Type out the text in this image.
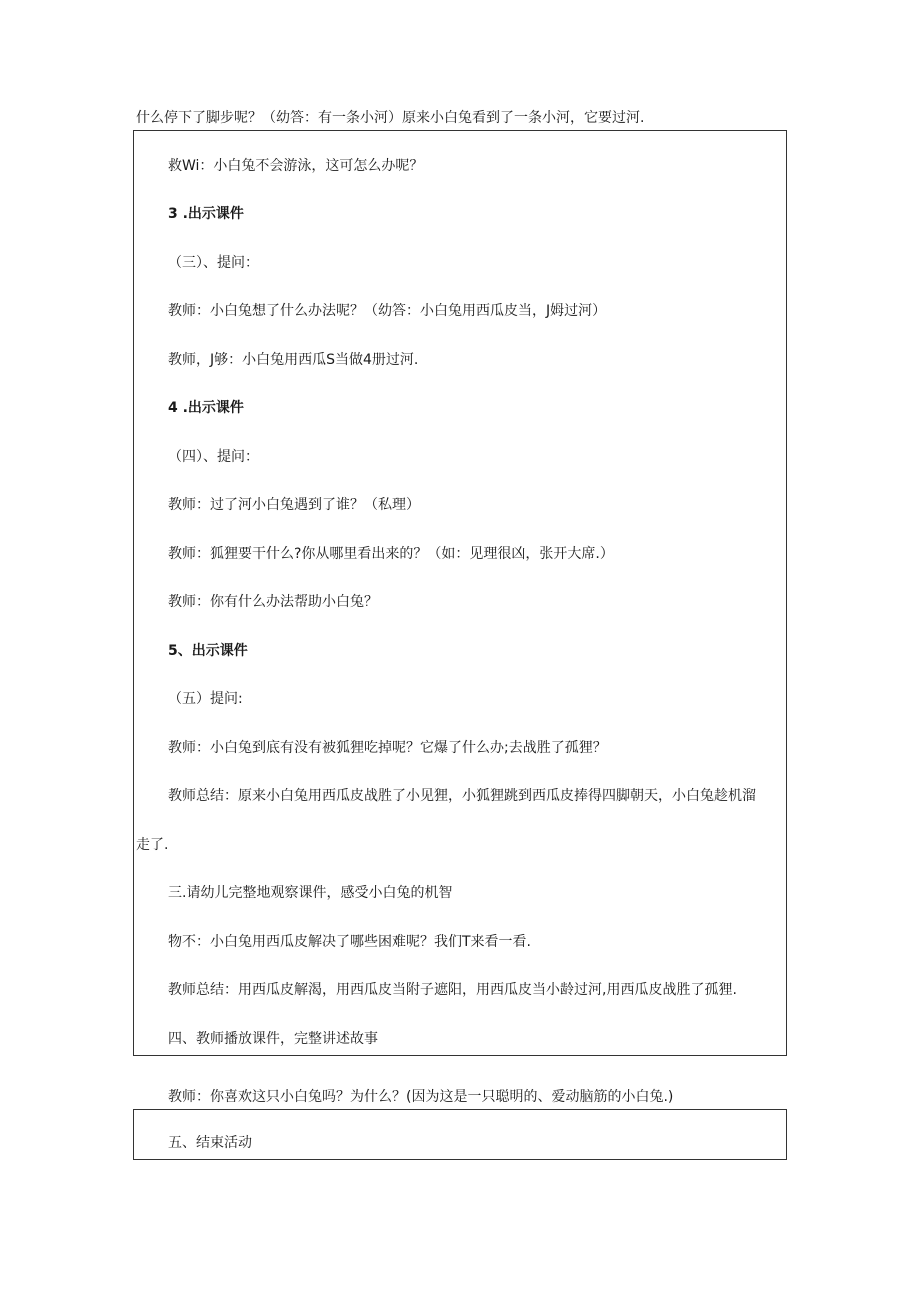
什么停下了脚步呢？（幼答：有一条小河）原来小白兔看到了一条小河，它要过河.
救Wi：小白兔不会游泳，这可怎么办呢？
3 .出示课件
（三）、提问：
教师：小白兔想了什么办法呢？（幼答：小白兔用西瓜皮当，J姆过河）
教师，J够：小白兔用西瓜S当做4册过河.
4 .出示课件
（四）、提问：
教师：过了河小白兔遇到了谁？（私理）
教师：狐狸要干什么?你从哪里看出来的？（如：见理很凶，张开大席.）
教师：你有什么办法帮助小白兔？
5、出示课件
（五）提问:
教师：小白兔到底有没有被狐狸吃掉呢？它爆了什么办;去战胜了孤狸？
教师总结：原来小白兔用西瓜皮战胜了小见狸，小狐狸跳到西瓜皮捧得四脚朝天，小白兔趁机溜
走了.
三.请幼儿完整地观察课件，感受小白兔的机智
物不：小白兔用西瓜皮解决了哪些困难呢？我们T来看一看.
教师总结：用西瓜皮解渴，用西瓜皮当附子遮阳，用西瓜皮当小龄过河,用西瓜皮战胜了孤狸.
四、教师播放课件，完整讲述故事
教师：你喜欢这只小白兔吗？为什么？(因为这是一只聪明的、爱动脑筋的小白兔.)
五、结束活动
